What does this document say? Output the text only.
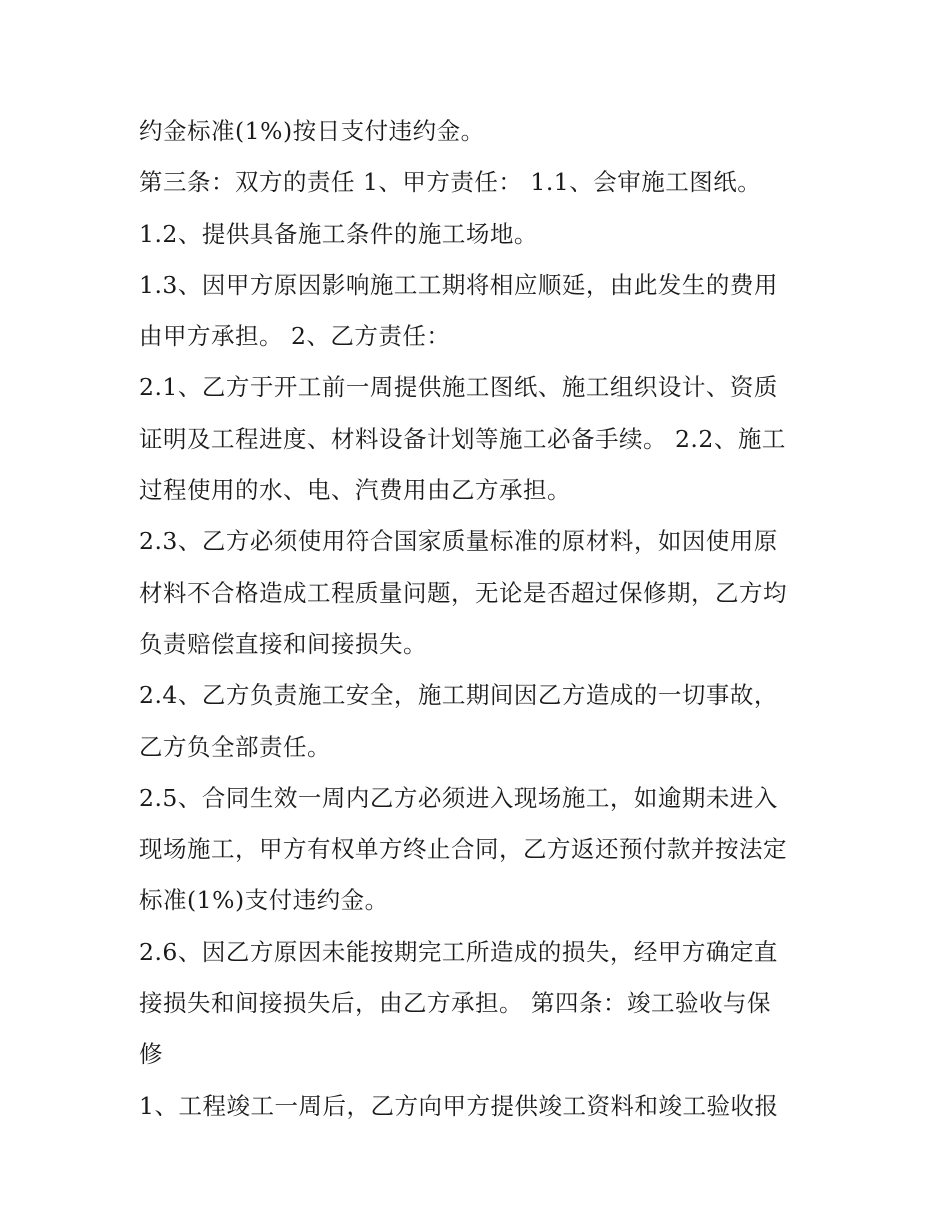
约金标准(1%)按日支付违约金。
第三条：双方的责任 1、甲方责任： 1.1、会审施工图纸。
1.2、提供具备施工条件的施工场地。
1.3、因甲方原因影响施工工期将相应顺延，由此发生的费用
由甲方承担。 2、乙方责任：
2.1、乙方于开工前一周提供施工图纸、施工组织设计、资质
证明及工程进度、材料设备计划等施工必备手续。 2.2、施工
过程使用的水、电、汽费用由乙方承担。
2.3、乙方必须使用符合国家质量标准的原材料，如因使用原
材料不合格造成工程质量问题，无论是否超过保修期，乙方均
负责赔偿直接和间接损失。
2.4、乙方负责施工安全，施工期间因乙方造成的一切事故，
乙方负全部责任。
2.5、合同生效一周内乙方必须进入现场施工，如逾期未进入
现场施工，甲方有权单方终止合同，乙方返还预付款并按法定
标准(1%)支付违约金。
2.6、因乙方原因未能按期完工所造成的损失，经甲方确定直
接损失和间接损失后，由乙方承担。 第四条：竣工验收与保
修
1、工程竣工一周后，乙方向甲方提供竣工资料和竣工验收报
